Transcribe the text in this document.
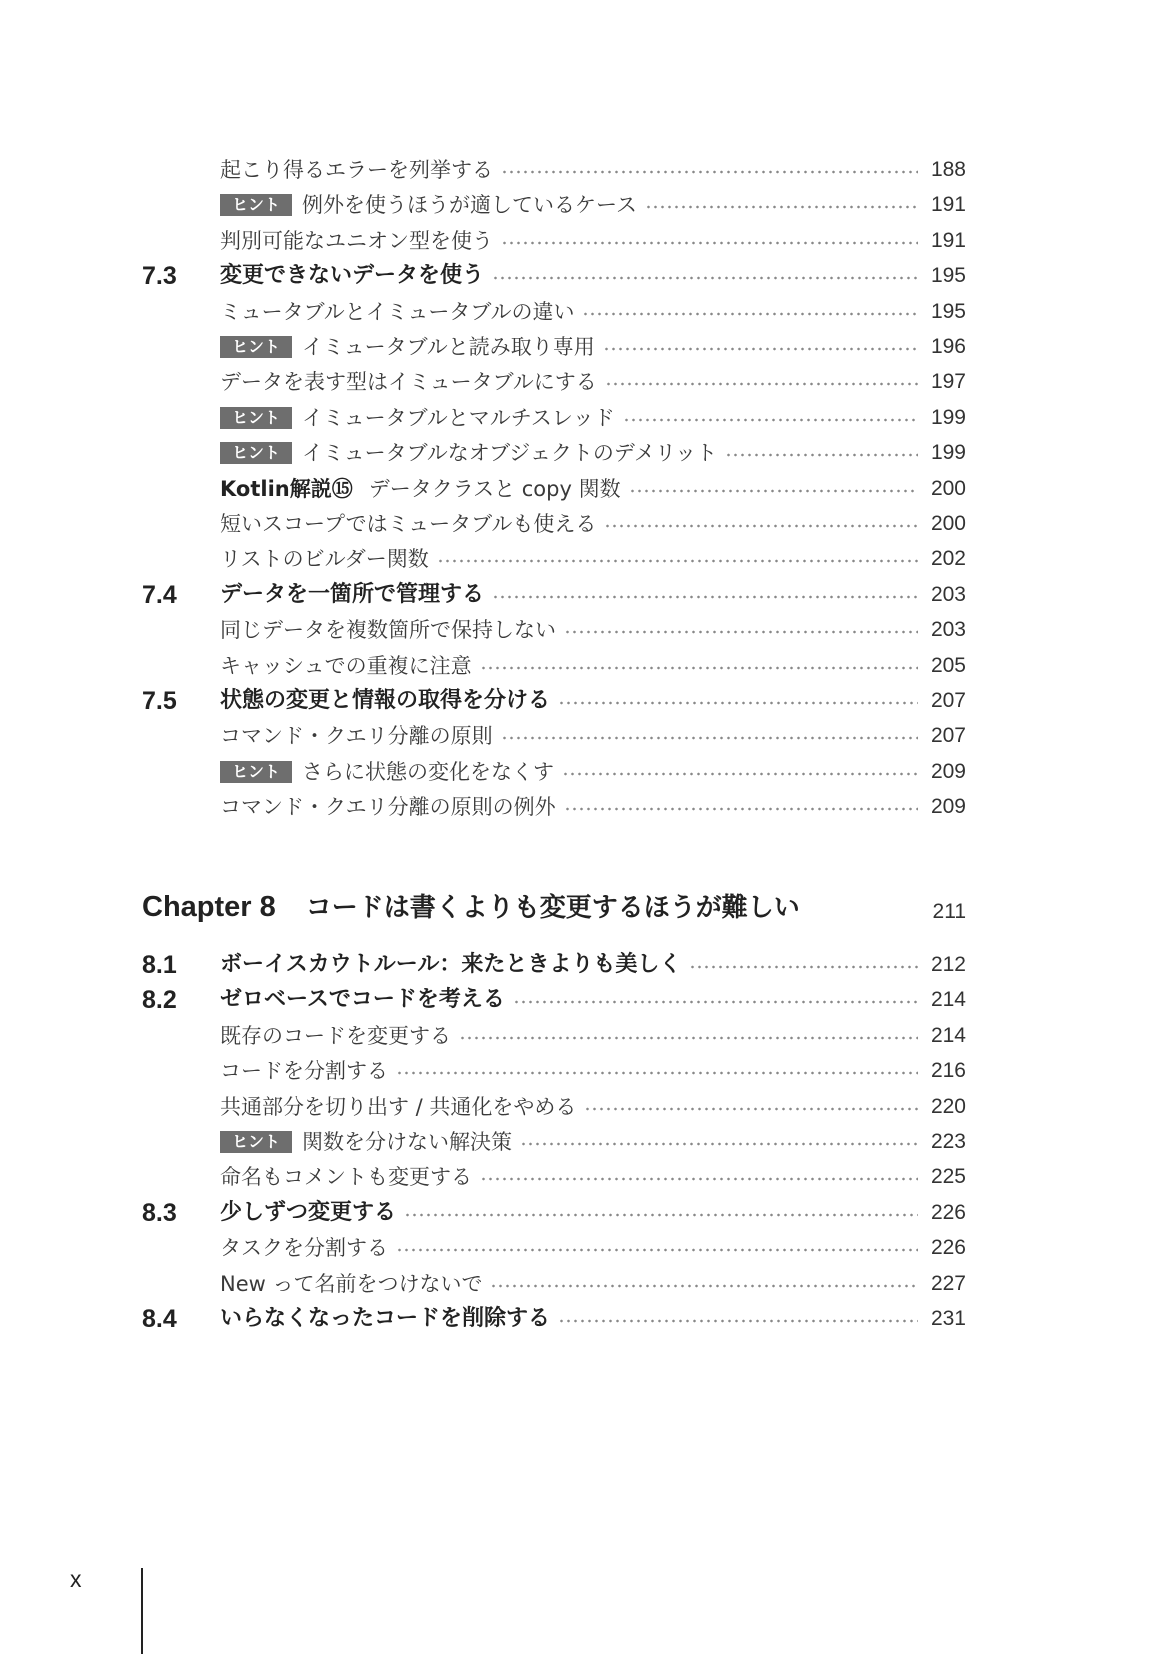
起こり得るエラーを列挙する	188
ヒント	例外を使うほうが適しているケース	191
判別可能なユニオン型を使う	191
7.3	変更できないデータを使う	195
ミュータブルとイミュータブルの違い	195
ヒント	イミュータブルと読み取り専用	196
データを表す型はイミュータブルにする	197
ヒント	イミュータブルとマルチスレッド	199
ヒント	イミュータブルなオブジェクトのデメリット	199
Kotlin解説⑮ データクラスと copy 関数	200
短いスコープではミュータブルも使える	200
リストのビルダー関数	202
7.4	データを一箇所で管理する	203
同じデータを複数箇所で保持しない	203
キャッシュでの重複に注意	205
7.5	状態の変更と情報の取得を分ける	207
コマンド・クエリ分離の原則	207
ヒント	さらに状態の変化をなくす	209
コマンド・クエリ分離の原則の例外	209
Chapter 8 コードは書くよりも変更するほうが難しい	211
8.1	ボーイスカウトルール：来たときよりも美しく	212
8.2	ゼロベースでコードを考える	214
既存のコードを変更する	214
コードを分割する	216
共通部分を切り出す / 共通化をやめる	220
ヒント	関数を分けない解決策	223
命名もコメントも変更する	225
8.3	少しずつ変更する	226
タスクを分割する	226
New って名前をつけないで	227
8.4	いらなくなったコードを削除する	231
x
